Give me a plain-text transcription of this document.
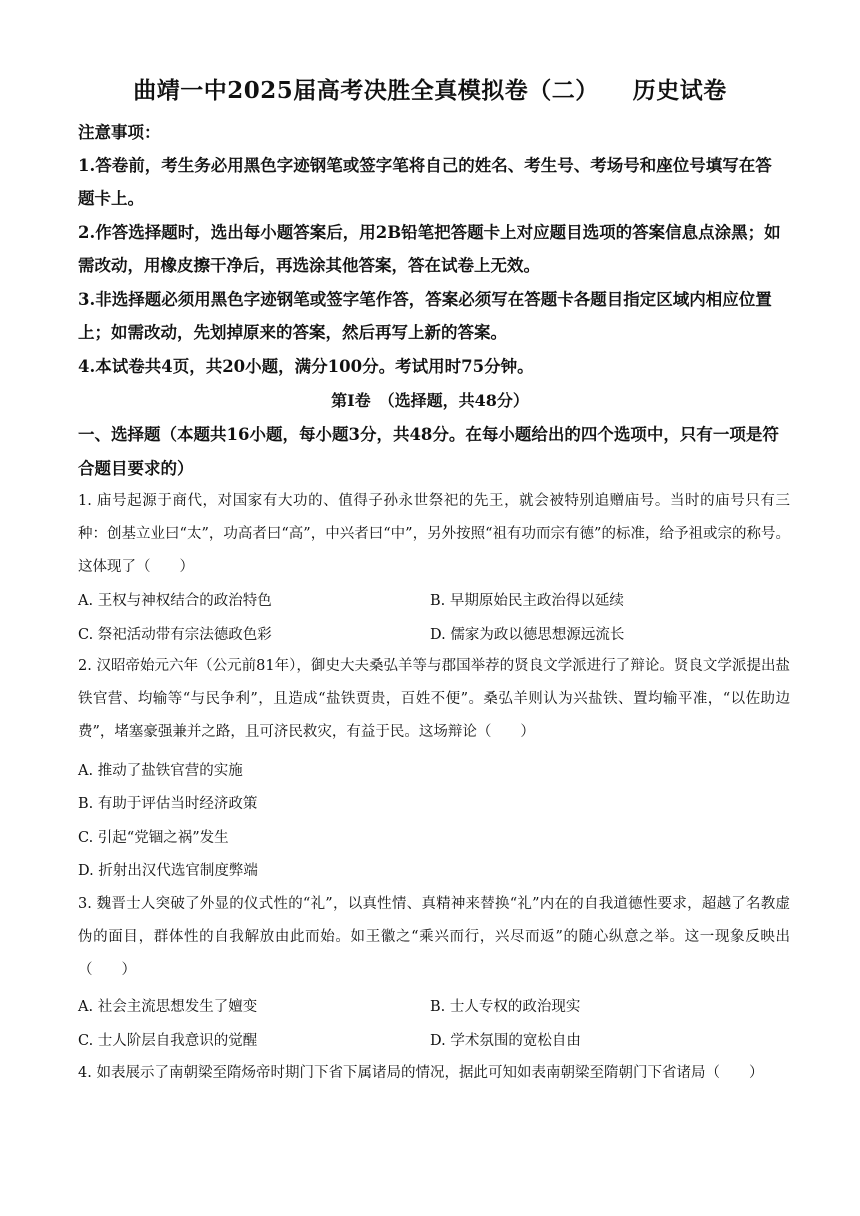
曲靖一中2025届高考决胜全真模拟卷（二） 历史试卷
注意事项：
1.答卷前，考生务必用黑色字迹钢笔或签字笔将自己的姓名、考生号、考场号和座位号填写在答题卡上。
2.作答选择题时，选出每小题答案后，用2B铅笔把答题卡上对应题目选项的答案信息点涂黑；如需改动，用橡皮擦干净后，再选涂其他答案，答在试卷上无效。
3.非选择题必须用黑色字迹钢笔或签字笔作答，答案必须写在答题卡各题目指定区域内相应位置上；如需改动，先划掉原来的答案，然后再写上新的答案。
4.本试卷共4页，共20小题，满分100分。考试用时75分钟。
第Ⅰ卷　（选择题，共48分）
一、选择题（本题共16小题，每小题3分，共48分。在每小题给出的四个选项中，只有一项是符合题目要求的）
1. 庙号起源于商代，对国家有大功的、值得子孙永世祭祀的先王，就会被特别追赠庙号。当时的庙号只有三种：创基立业曰“太”，功高者曰“高”，中兴者曰“中”，另外按照“祖有功而宗有德”的标准，给予祖或宗的称号。这体现了（　　）
A. 王权与神权结合的政治特色	B. 早期原始民主政治得以延续
C. 祭祀活动带有宗法德政色彩	D. 儒家为政以德思想源远流长
2. 汉昭帝始元六年（公元前81年），御史大夫桑弘羊等与郡国举荐的贤良文学派进行了辩论。贤良文学派提出盐铁官营、均输等“与民争利”，且造成“盐铁贾贵，百姓不便”。桑弘羊则认为兴盐铁、置均输平准，“以佐助边费”，堵塞豪强兼并之路，且可济民救灾，有益于民。这场辩论（　　）
A. 推动了盐铁官营的实施
B. 有助于评估当时经济政策
C. 引起“党锢之祸”发生
D. 折射出汉代选官制度弊端
3. 魏晋士人突破了外显的仪式性的“礼”，以真性情、真精神来替换“礼”内在的自我道德性要求，超越了名教虚伪的面目，群体性的自我解放由此而始。如王徽之“乘兴而行，兴尽而返”的随心纵意之举。这一现象反映出（　　）
A. 社会主流思想发生了嬗变	B. 士人专权的政治现实
C. 士人阶层自我意识的觉醒	D. 学术氛围的宽松自由
4. 如表展示了南朝梁至隋炀帝时期门下省下属诸局的情况，据此可知如表南朝梁至隋朝门下省诸局（　　）
